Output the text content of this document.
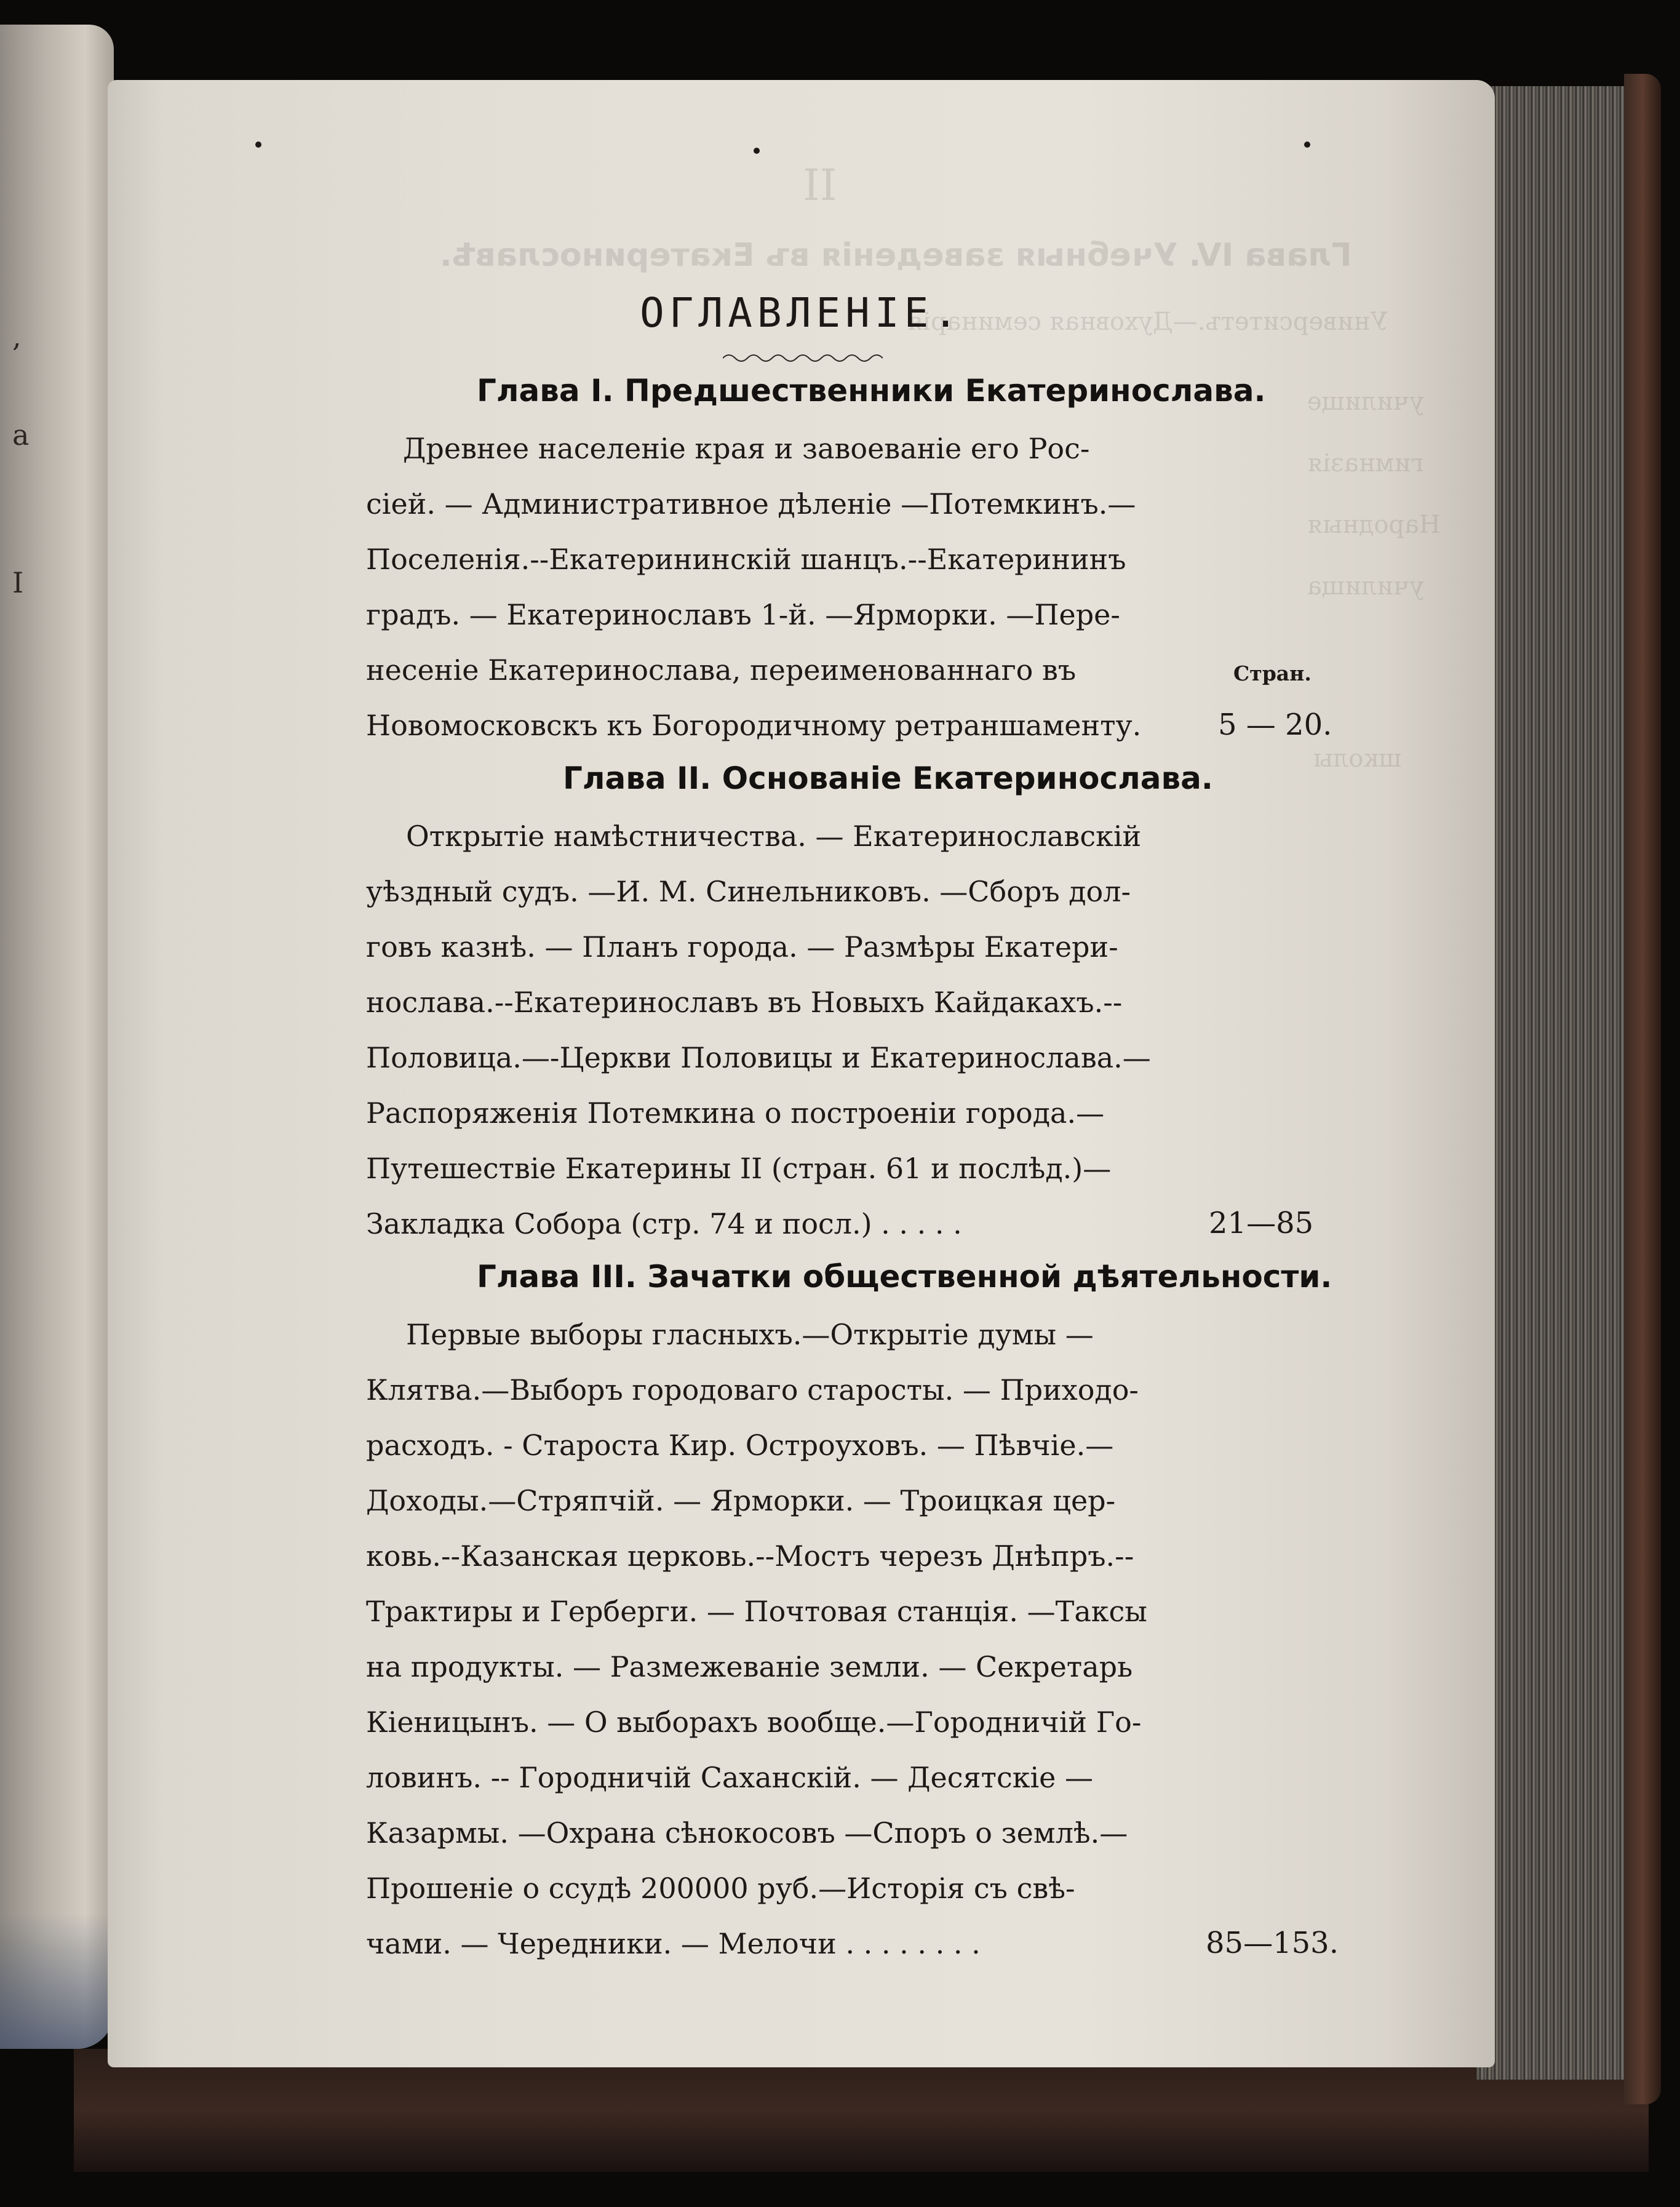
,
a
I
II
Глава IV. Учебныя заведенія въ Екатеринославѣ.
Университетъ.—Духовная семинарія
училище
гимназія
Народныя
училища
школы
ОГЛАВЛЕНІЕ.
Глава І. Предшественники Екатеринослава.
Древнее населеніе края и завоеваніе его Рос-
сіей. — Административное дѣленіе —Потемкинъ.—
Поселенія.--Екатерининскій шанцъ.--Екатерининъ
градъ. — Екатеринославъ 1-й. —Ярморки. —Пере-
несеніе Екатеринослава, переименованнаго въ	Стран.
Новомосковскъ къ Богородичному ретраншаменту.	5 — 20.
Глава II. Основаніе Екатеринослава.
Открытіе намѣстничества. — Екатеринославскій
уѣздный судъ. —И. М. Синельниковъ. —Сборъ дол-
говъ казнѣ. — Планъ города. — Размѣры Екатери-
нослава.--Екатеринославъ въ Новыхъ Кайдакахъ.--
Половица.—-Церкви Половицы и Екатеринослава.—
Распоряженія Потемкина о построеніи города.—
Путешествіе Екатерины II (стран. 61 и послѣд.)—
Закладка Собора (стр. 74 и посл.) . . . . .	21—85
Глава III. Зачатки общественной дѣятельности.
Первые выборы гласныхъ.—Открытіе думы —
Клятва.—Выборъ городоваго старосты. — Приходо-
расходъ. - Староста Кир. Остроуховъ. — Пѣвчіе.—
Доходы.—Стряпчій. — Ярморки. — Троицкая цер-
ковь.--Казанская церковь.--Мостъ черезъ Днѣпръ.--
Трактиры и Герберги. — Почтовая станція. —Таксы
на продукты. — Размежеваніе земли. — Секретарь
Кіеницынъ. — О выборахъ вообще.—Городничій Го-
ловинъ. -- Городничій Саханскій. — Десятскіе —
Казармы. —Охрана сѣнокосовъ —Споръ о землѣ.—
Прошеніе о ссудѣ 200000 руб.—Исторія съ свѣ-
чами. — Чередники. — Мелочи . . . . . . . .	85—153.
